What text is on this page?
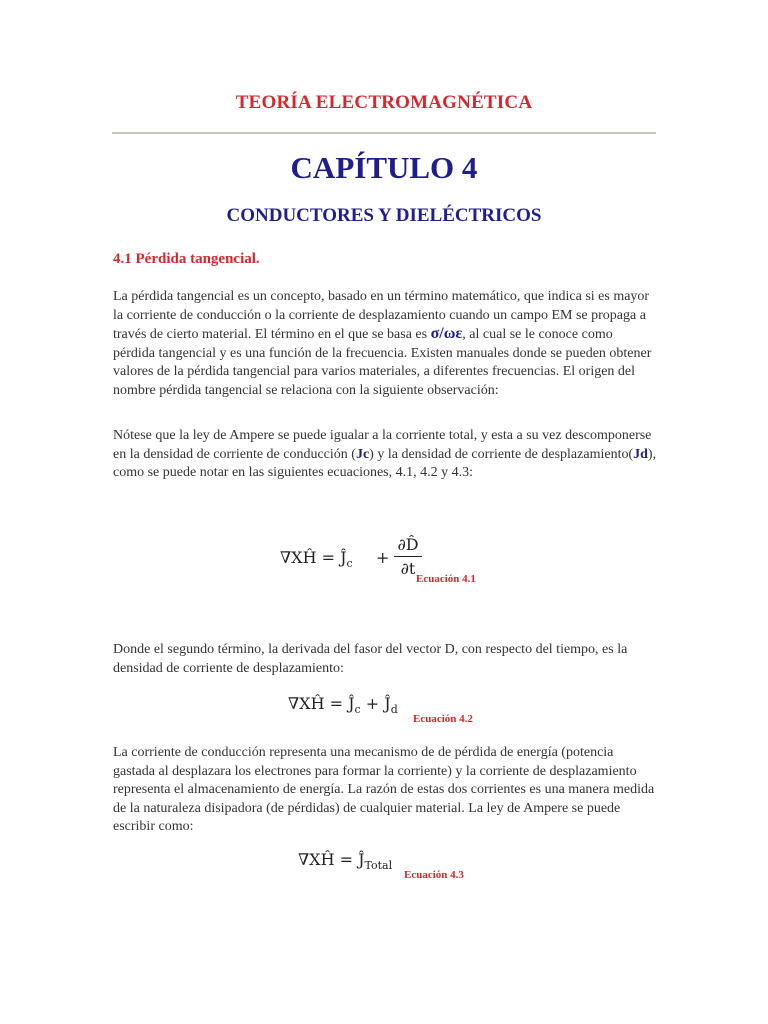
TEORÍA ELECTROMAGNÉTICA
CAPÍTULO 4
CONDUCTORES Y DIELÉCTRICOS
4.1 Pérdida tangencial.

La pérdida tangencial es un concepto, basado en un término matemático, que indica si es mayor la corriente de conducción o la corriente de desplazamiento cuando un campo EM se propaga a través de cierto material. El término en el que se basa es σ/ωε, al cual se le conoce como pérdida tangencial y es una función de la frecuencia. Existen manuales donde se pueden obtener valores de la pérdida tangencial para varios materiales, a diferentes frecuencias. El origen del nombre pérdida tangencial se relaciona con la siguiente observación:

Nótese que la ley de Ampere se puede igualar a la corriente total, y esta a su vez descomponerse en la densidad de corriente de conducción (Jc) y la densidad de corriente de desplazamiento(Jd), como se puede notar en las siguientes ecuaciones, 4.1, 4.2 y 4.3:

∇XĤ = $Ĵ_c$ +
∂D̂
∂t
Ecuación 4.1

Donde el segundo término, la derivada del fasor del vector D, con respecto del tiempo, es la densidad de corriente de desplazamiento:

∇XĤ = $Ĵ_c$ + $Ĵ_d$
Ecuación 4.2

La corriente de conducción representa una mecanismo de de pérdida de energía (potencia gastada al desplazara los electrones para formar la corriente) y la corriente de desplazamiento representa el almacenamiento de energía. La razón de estas dos corrientes es una manera medida de la naturaleza disipadora (de pérdidas) de cualquier material. La ley de Ampere se puede escribir como:

∇XĤ = $Ĵ_{Total}$
Ecuación 4.3
